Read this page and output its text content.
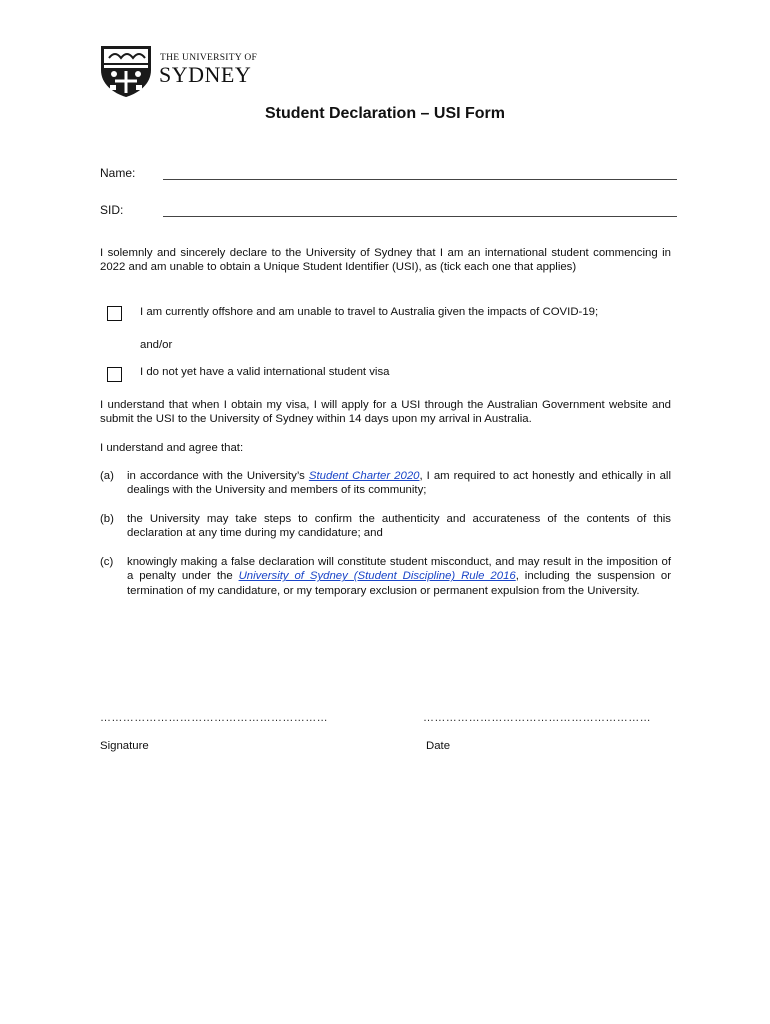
THE UNIVERSITY OF
SYDNEY
Student Declaration – USI Form
Name:
SID:
I solemnly and sincerely declare to the University of Sydney that I am an international student commencing in 2022 and am unable to obtain a Unique Student Identifier (USI), as (tick each one that applies)
I am currently offshore and am unable to travel to Australia given the impacts of COVID-19;
and/or
I do not yet have a valid international student visa
I understand that when I obtain my visa, I will apply for a USI through the Australian Government website and submit the USI to the University of Sydney within 14 days upon my arrival in Australia.
I understand and agree that:
(a) in accordance with the University’s Student Charter 2020, I am required to act honestly and ethically in all dealings with the University and members of its community;
(b) the University may take steps to confirm the authenticity and accurateness of the contents of this declaration at any time during my candidature; and
(c) knowingly making a false declaration will constitute student misconduct, and may result in the imposition of a penalty under the University of Sydney (Student Discipline) Rule 2016, including the suspension or termination of my candidature, or my temporary exclusion or permanent expulsion from the University.
……………………………………………………	……………………………………………………
Signature	Date
